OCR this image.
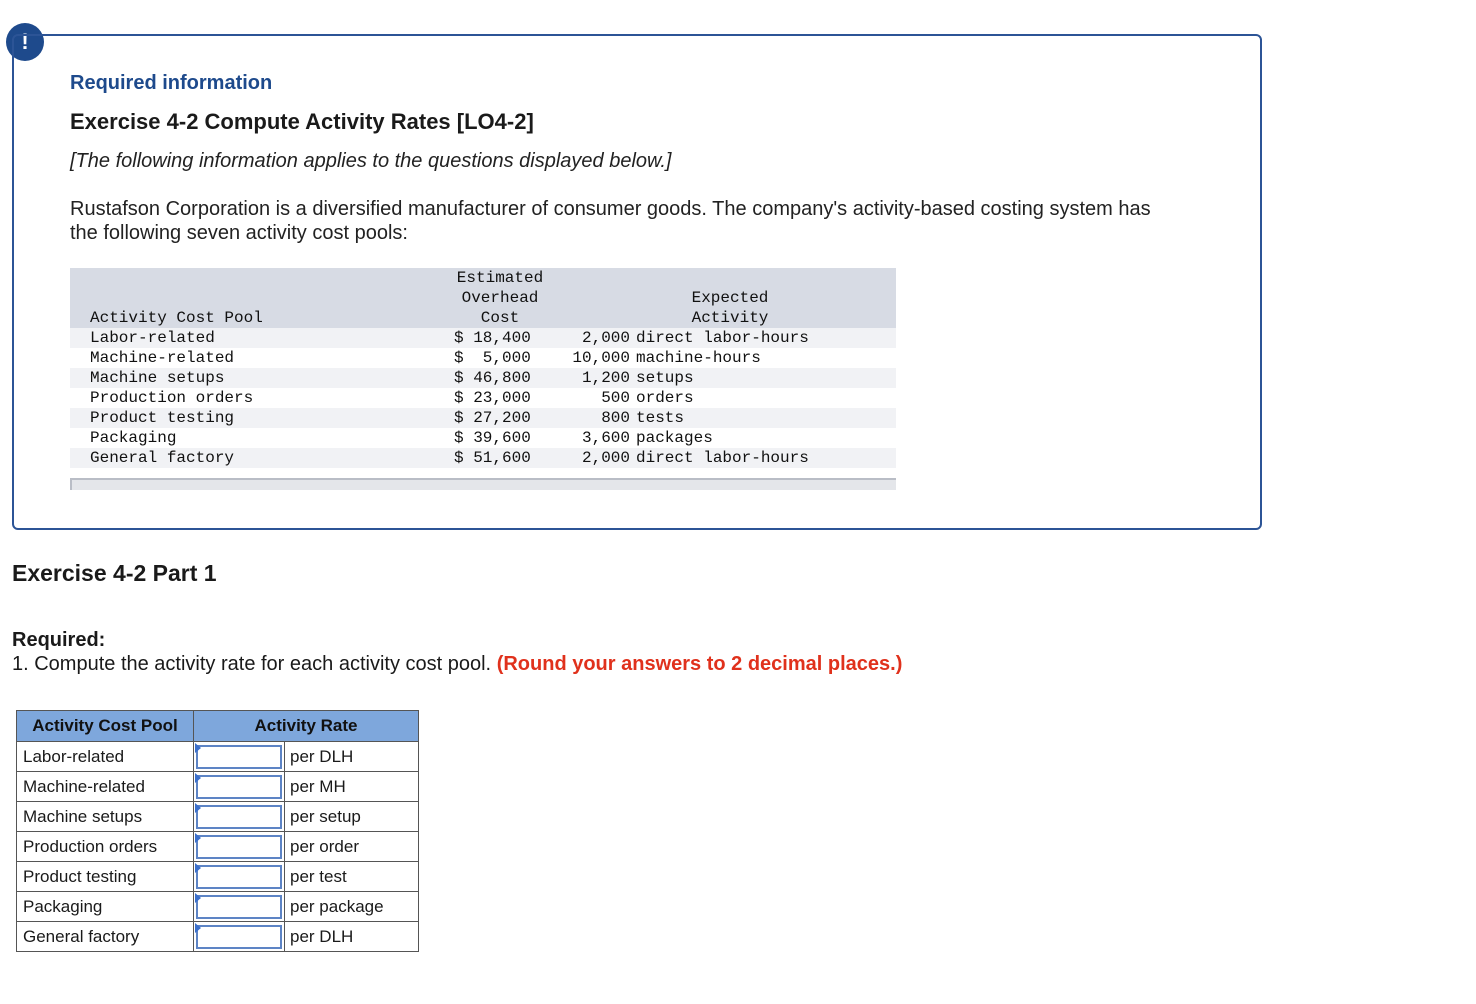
!
Required information
Exercise 4-2 Compute Activity Rates [LO4-2]
[The following information applies to the questions displayed below.]
Rustafson Corporation is a diversified manufacturer of consumer goods. The company's activity-based costing system has
the following seven activity cost pools:
Activity Cost Pool
Estimated
Overhead
Cost
Expected
Activity
Labor-related	$ 18,400	2,000 direct labor-hours
Machine-related	$  5,000	10,000 machine-hours
Machine setups	$ 46,800	1,200 setups
Production orders	$ 23,000	500 orders
Product testing	$ 27,200	800 tests
Packaging	$ 39,600	3,600 packages
General factory	$ 51,600	2,000 direct labor-hours
Exercise 4-2 Part 1
Required:
1. Compute the activity rate for each activity cost pool. (Round your answers to 2 decimal places.)
Activity Cost Pool	Activity Rate	
Labor-related		per DLH
Machine-related		per MH
Machine setups		per setup
Production orders		per order
Product testing		per test
Packaging		per package
General factory		per DLH
